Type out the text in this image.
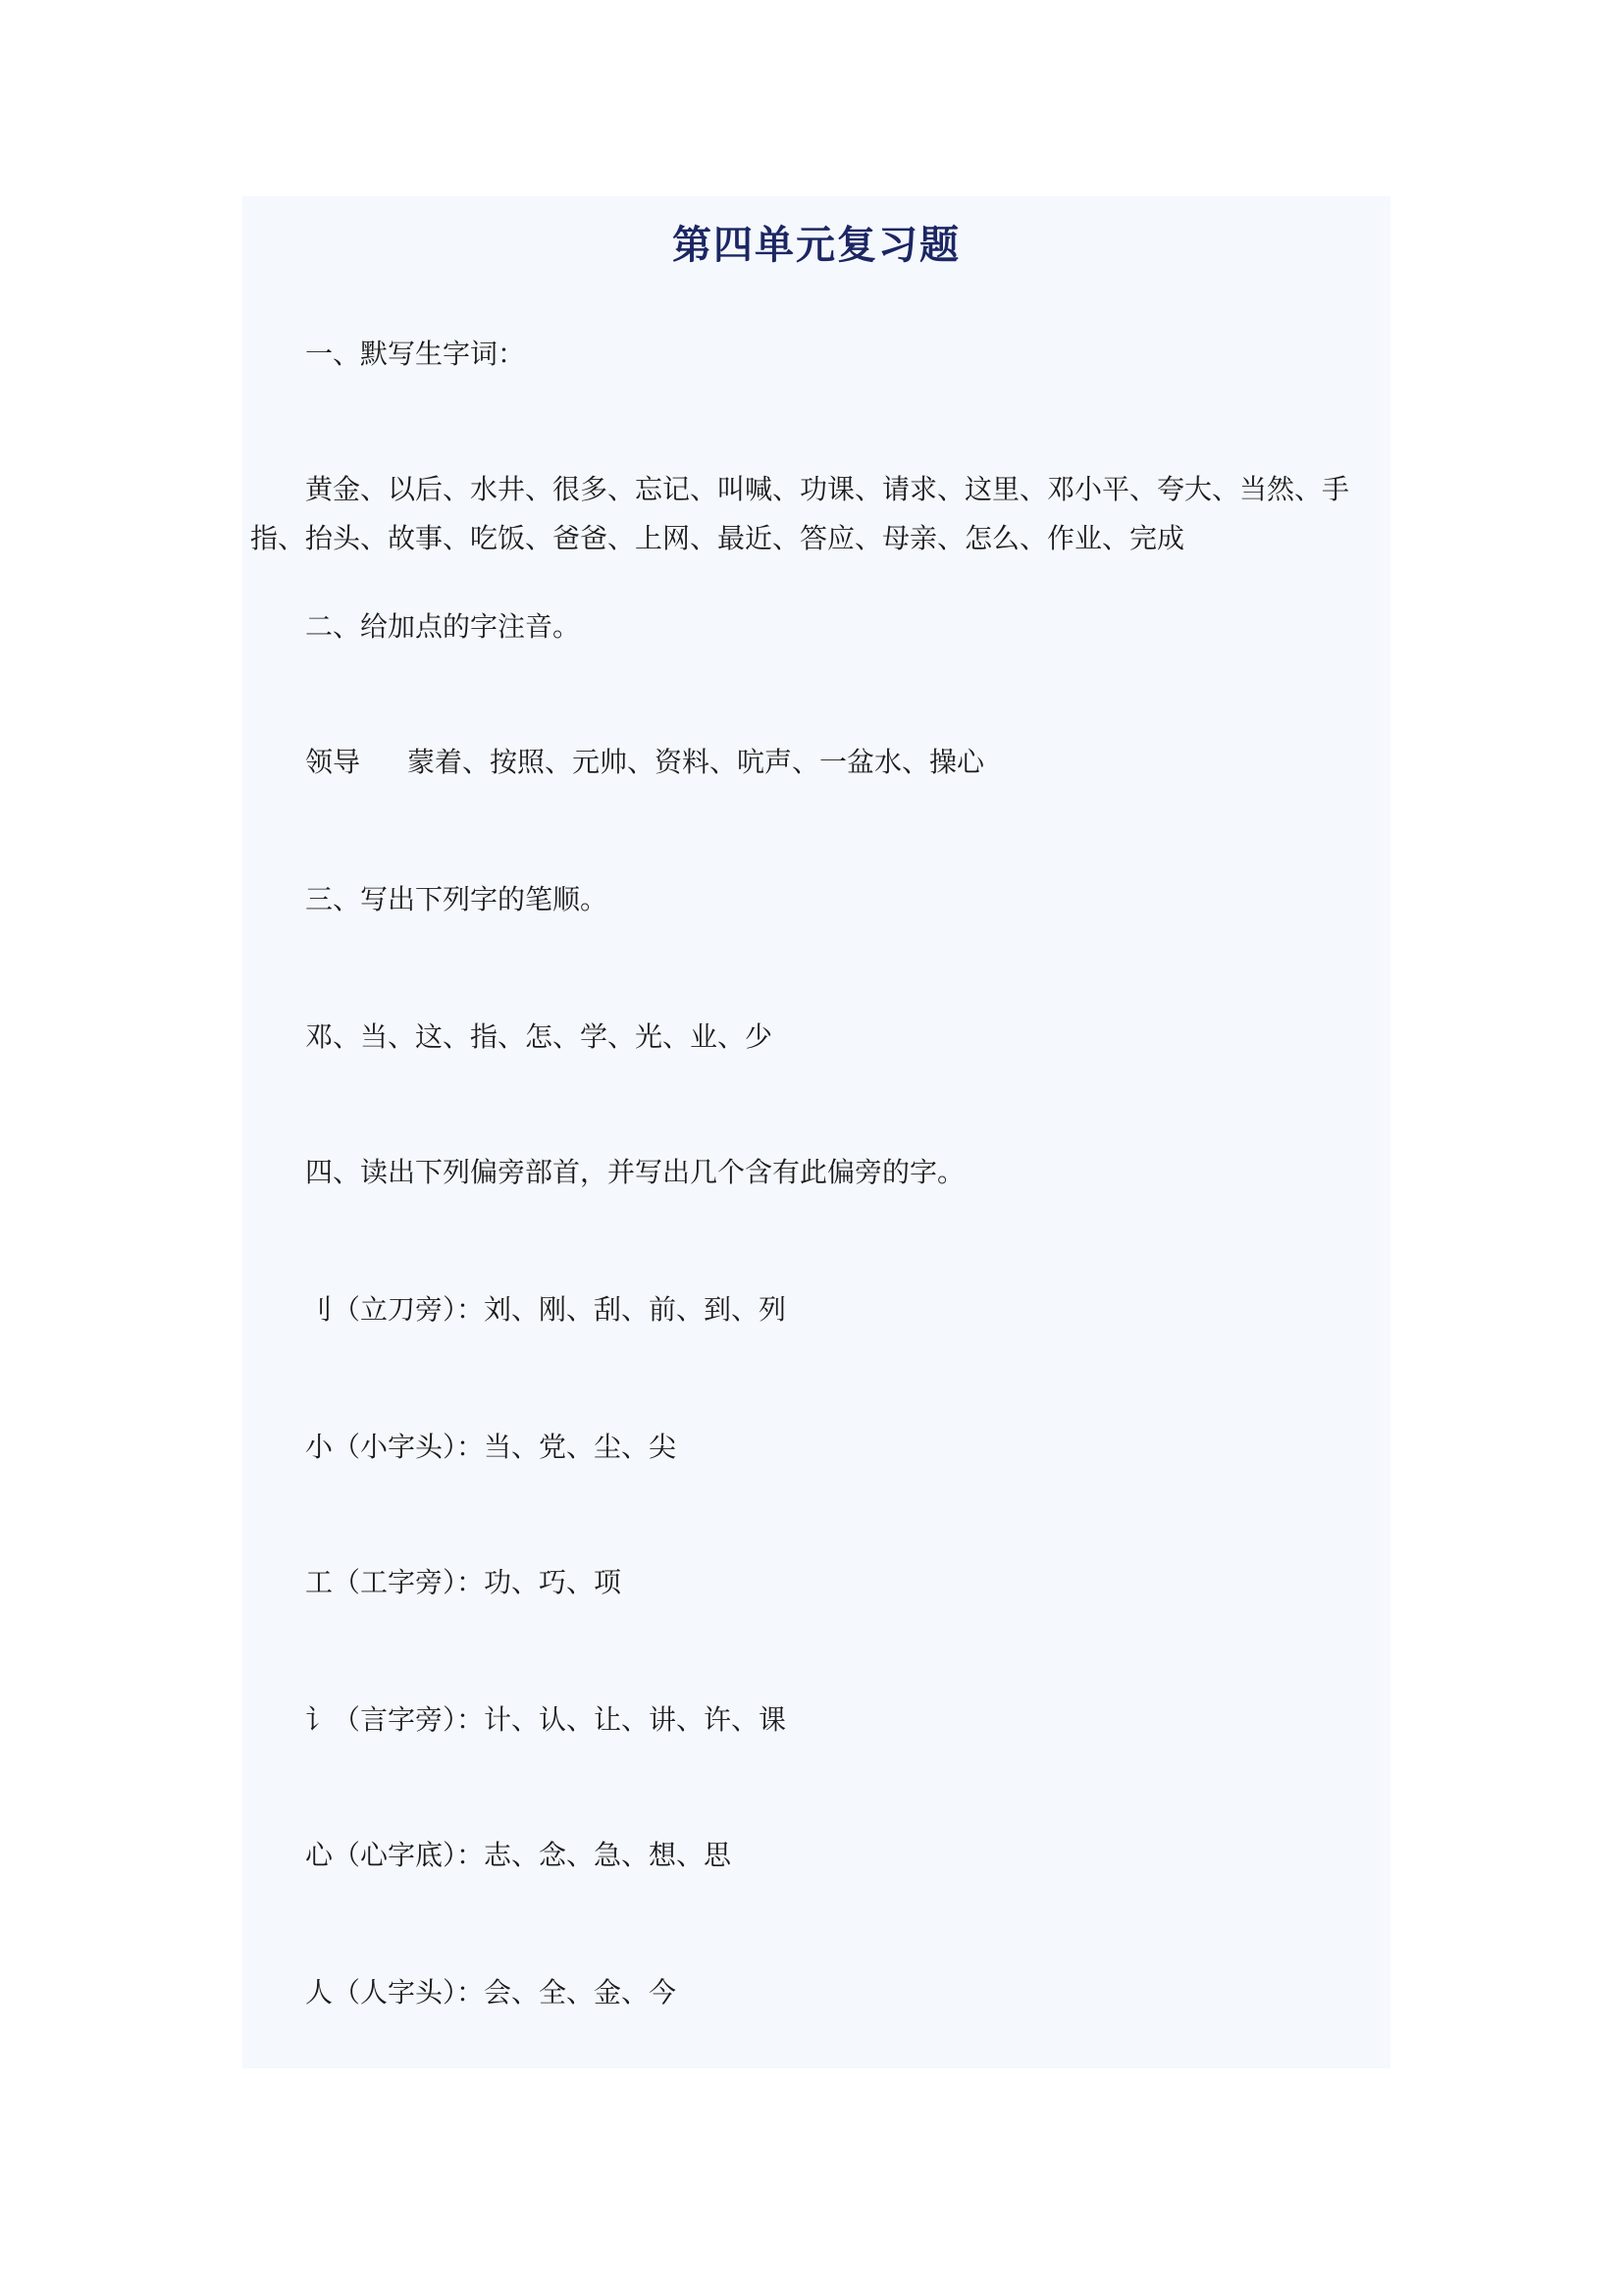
第四单元复习题

一、默写生字词：

黄金、以后、水井、很多、忘记、叫喊、功课、请求、这里、邓小平、夸大、当然、手指、抬头、故事、吃饭、爸爸、上网、最近、答应、母亲、怎么、作业、完成

二、给加点的字注音。

领导 蒙着、按照、元帅、资料、吭声、一盆水、操心

三、写出下列字的笔顺。

邓、当、这、指、怎、学、光、业、少

四、读出下列偏旁部首，并写出几个含有此偏旁的字。

刂（立刀旁）：刘、刚、刮、前、到、列

小（小字头）：当、党、尘、尖

工（工字旁）：功、巧、项

讠（言字旁）：计、认、让、讲、许、课

心（心字底）：志、念、急、想、思

人（人字头）：会、全、金、今
